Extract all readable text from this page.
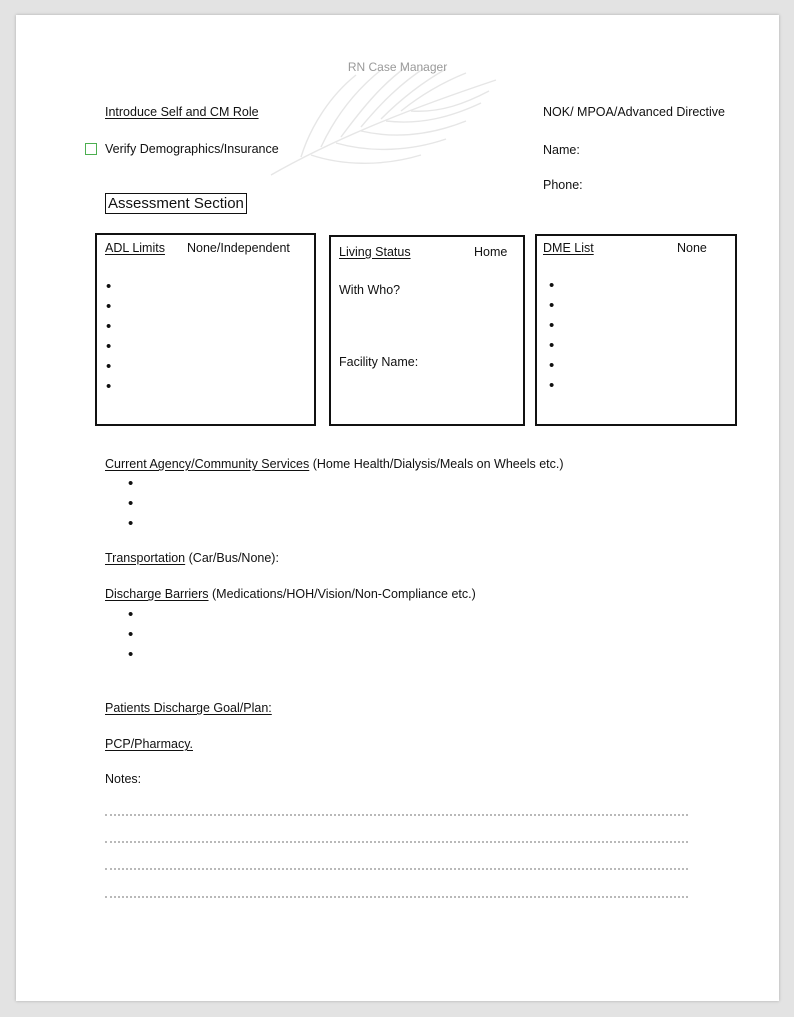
RN Case Manager
Introduce Self and CM Role
Verify Demographics/Insurance
NOK/ MPOA/Advanced Directive
Name:
Phone:
Assessment Section
ADL Limits None/Independent
•
•
•
•
•
•	Living Status	Home
With Who?
Facility Name:
DME List	None
•
•
•
•
•
•
Current Agency/Community Services (Home Health/Dialysis/Meals on Wheels etc.)
•
•
•
Transportation (Car/Bus/None):
Discharge Barriers (Medications/HOH/Vision/Non-Compliance etc.)
•
•
•
Patients Discharge Goal/Plan:
PCP/Pharmacy.
Notes:
